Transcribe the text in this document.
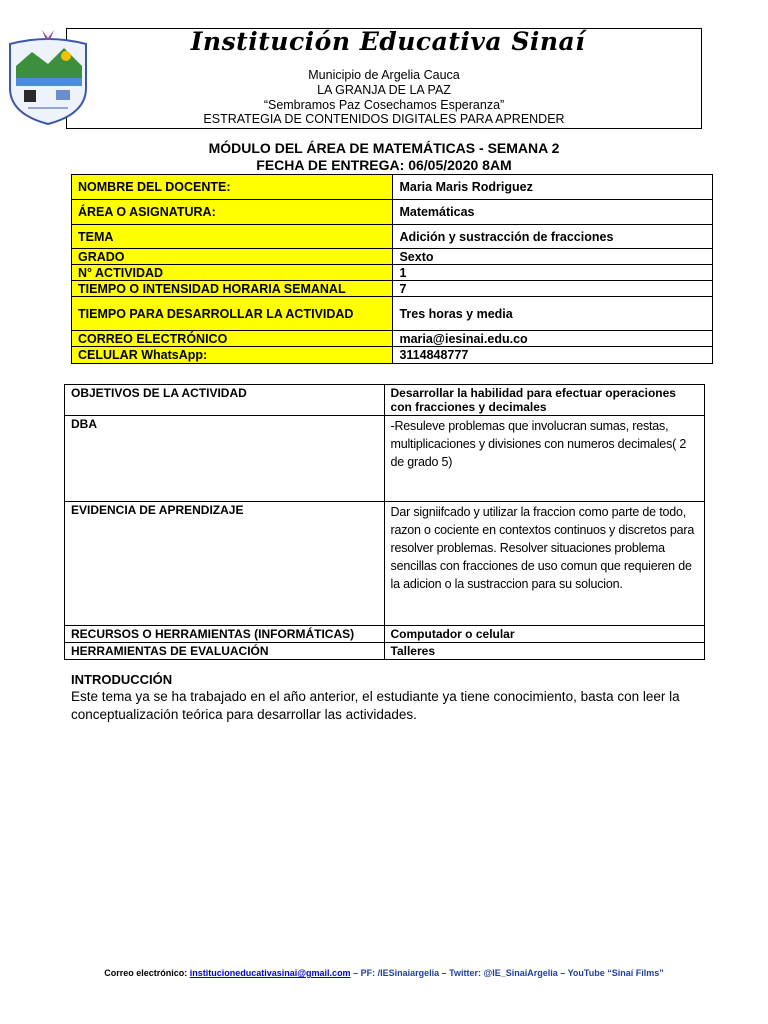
Institución Educativa Sinaí
Municipio de Argelia Cauca
LA GRANJA DE LA PAZ
“Sembramos Paz Cosechamos Esperanza”
ESTRATEGIA DE CONTENIDOS DIGITALES PARA APRENDER
MÓDULO DEL ÁREA DE MATEMÁTICAS - SEMANA 2
FECHA DE ENTREGA: 06/05/2020 8AM
NOMBRE DEL DOCENTE:	Maria Maris Rodriguez
ÁREA O ASIGNATURA:	Matemáticas
TEMA	Adición y sustracción de fracciones
GRADO	Sexto
N° ACTIVIDAD	1
TIEMPO O INTENSIDAD HORARIA SEMANAL	7
TIEMPO PARA DESARROLLAR LA ACTIVIDAD	Tres horas y media
CORREO ELECTRÓNICO	maria@iesinai.edu.co
CELULAR WhatsApp:	3114848777
OBJETIVOS DE LA ACTIVIDAD	Desarrollar la habilidad para efectuar operaciones con fracciones y decimales
DBA	-Resuleve problemas que involucran sumas, restas, multiplicaciones y divisiones con numeros decimales( 2 de grado 5)
EVIDENCIA DE APRENDIZAJE	Dar signiifcado y utilizar la fraccion como parte de todo, razon o cociente en contextos continuos y discretos para resolver problemas. Resolver situaciones problema sencillas con fracciones de uso comun que requieren de la adicion o la sustraccion para su solucion.
RECURSOS O HERRAMIENTAS (INFORMÁTICAS)	Computador o celular
HERRAMIENTAS DE EVALUACIÓN	Talleres
INTRODUCCIÓN
Este tema ya se ha trabajado en el año anterior, el estudiante ya tiene conocimiento, basta con leer la conceptualización teórica para desarrollar las actividades.
Correo electrónico: institucioneducativasinai@gmail.com – PF: /IESinaiargelia – Twitter: @IE_SinaiArgelia – YouTube “Sinaí Films”
